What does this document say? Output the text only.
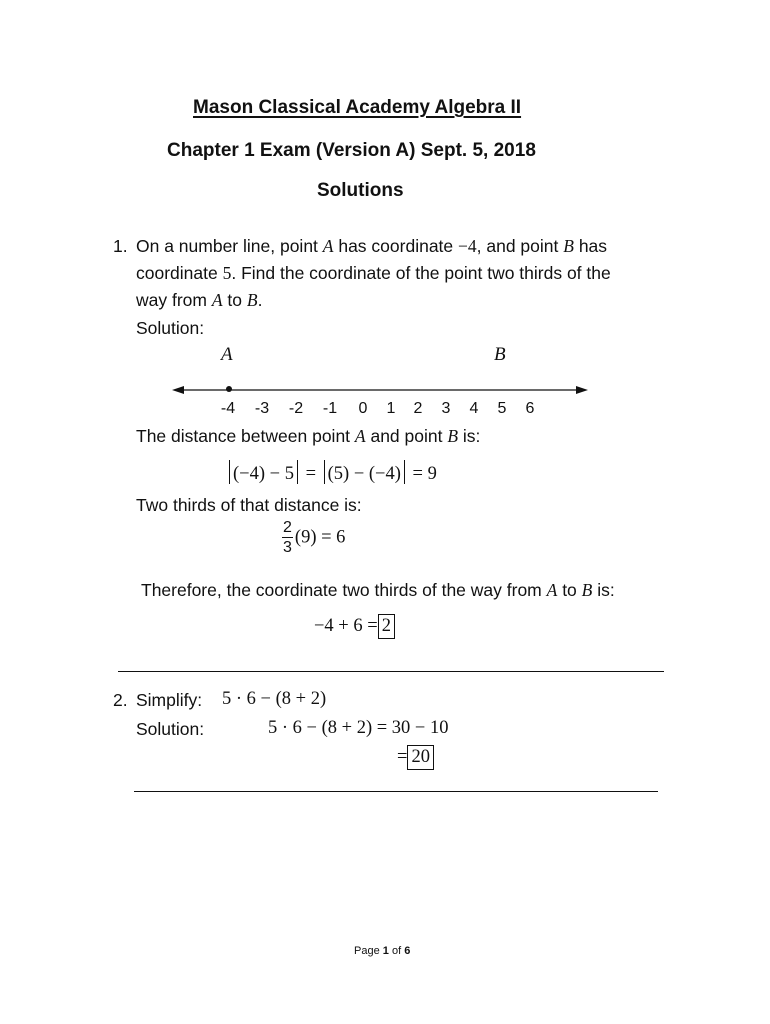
Mason Classical Academy Algebra II
Chapter 1 Exam (Version A) Sept. 5, 2018
Solutions
1. On a number line, point A has coordinate −4, and point B has
coordinate 5. Find the coordinate of the point two thirds of the
way from A to B.
Solution:
A	B
-4 -3 -2 -1 0 1 2 3 4 5 6
The distance between point A and point B is:
(−4) − 5 = (5) − (−4) = 9
Two thirds of that distance is:
$\frac{2}{3} (9) = 6$
Therefore, the coordinate two thirds of the way from A to B is:
−4 + 6 = 2
2. Simplify: 5 · 6 − (8 + 2)
Solution:	5 · 6 − (8 + 2) = 30 − 10
= 20
Page 1 of 6
